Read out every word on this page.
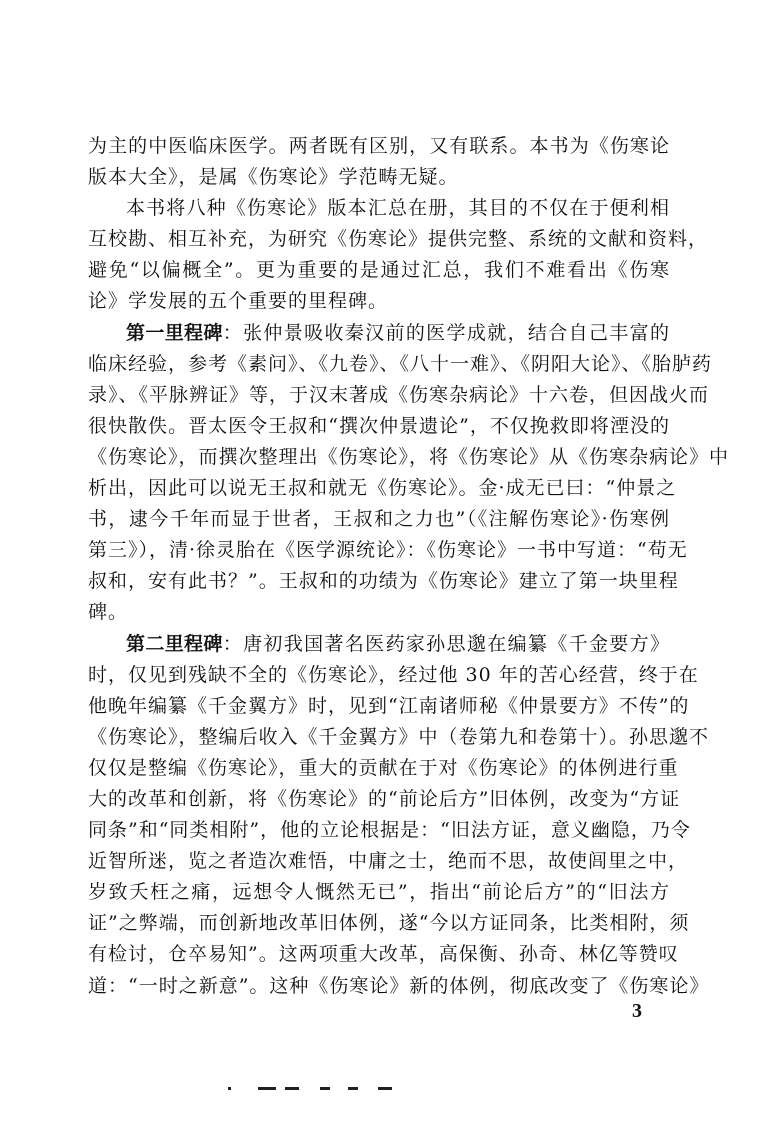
为主的中医临床医学。两者既有区别，又有联系。本书为《伤寒论
版本大全》，是属《伤寒论》学范畴无疑。
本书将八种《伤寒论》版本汇总在册，其目的不仅在于便利相
互校勘、相互补充，为研究《伤寒论》提供完整、系统的文献和资料，
避免“以偏概全”。更为重要的是通过汇总，我们不难看出《伤寒
论》学发展的五个重要的里程碑。
第一里程碑：张仲景吸收秦汉前的医学成就，结合自己丰富的
临床经验，参考《素问》、《九卷》、《八十一难》、《阴阳大论》、《胎胪药
录》、《平脉辨证》等，于汉末著成《伤寒杂病论》十六卷，但因战火而
很快散佚。晋太医令王叔和“撰次仲景遗论”，不仅挽救即将湮没的
《伤寒论》，而撰次整理出《伤寒论》，将《伤寒论》从《伤寒杂病论》中
析出，因此可以说无王叔和就无《伤寒论》。金·成无已曰：“仲景之
书，逮今千年而显于世者，王叔和之力也”（《注解伤寒论》·伤寒例
第三》），清·徐灵胎在《医学源统论》：《伤寒论》一书中写道：“苟无
叔和，安有此书？”。王叔和的功绩为《伤寒论》建立了第一块里程
碑。
第二里程碑：唐初我国著名医药家孙思邈在编纂《千金要方》
时，仅见到残缺不全的《伤寒论》，经过他 30 年的苦心经营，终于在
他晚年编纂《千金翼方》时，见到“江南诸师秘《仲景要方》不传”的
《伤寒论》，整编后收入《千金翼方》中（卷第九和卷第十）。孙思邈不
仅仅是整编《伤寒论》，重大的贡献在于对《伤寒论》的体例进行重
大的改革和创新，将《伤寒论》的“前论后方”旧体例，改变为“方证
同条”和“同类相附”，他的立论根据是：“旧法方证，意义幽隐，乃令
近智所迷，览之者造次难悟，中庸之士，绝而不思，故使闾里之中，
岁致夭枉之痛，远想令人慨然无已”，指出“前论后方”的“旧法方
证”之弊端，而创新地改革旧体例，遂“今以方证同条，比类相附，须
有检讨，仓卒易知”。这两项重大改革，高保衡、孙奇、林亿等赞叹
道：“一时之新意”。这种《伤寒论》新的体例，彻底改变了《伤寒论》
3
